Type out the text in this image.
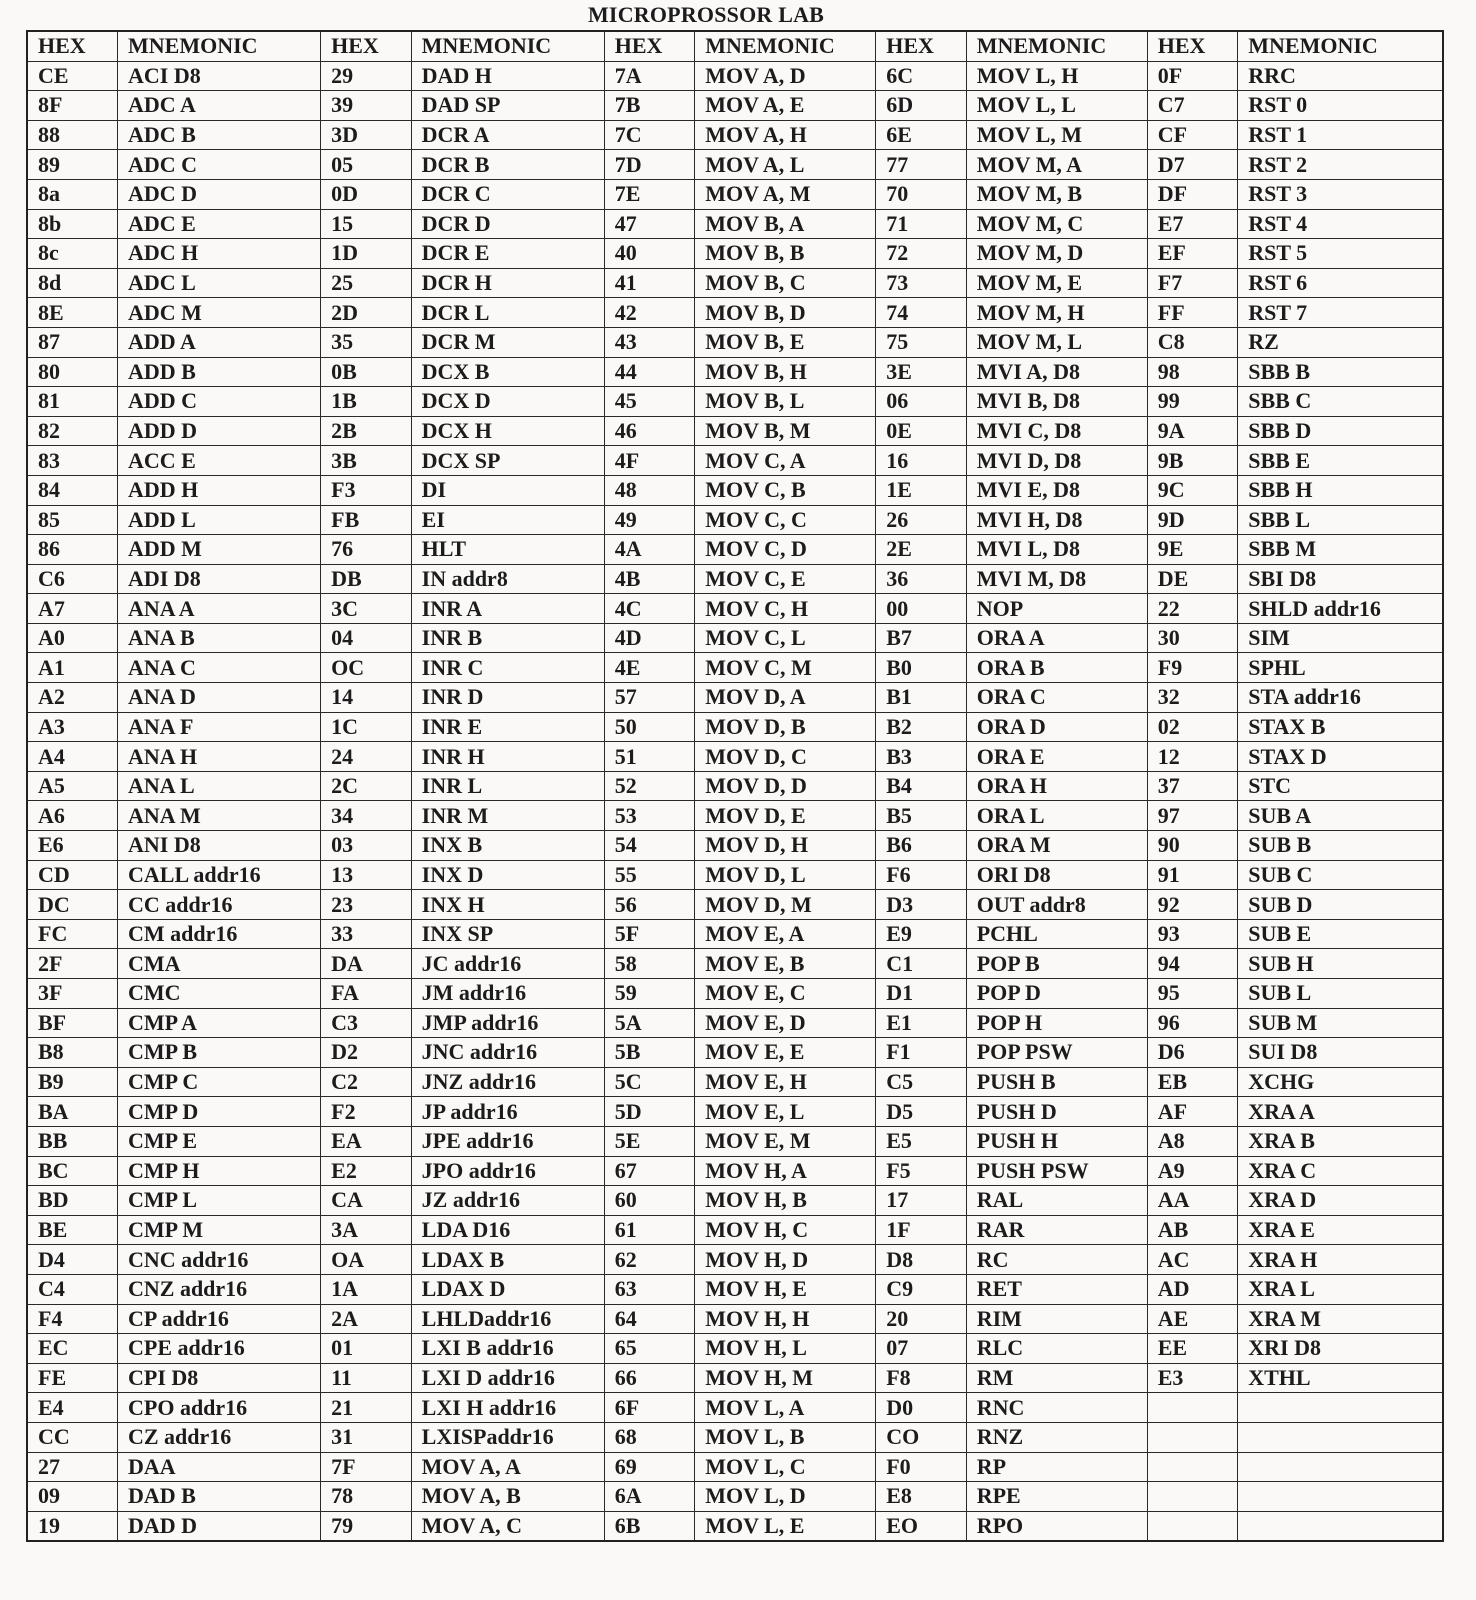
MICROPROSSOR LAB
HEX	MNEMONIC	HEX	MNEMONIC	HEX	MNEMONIC	HEX	MNEMONIC	HEX	MNEMONIC
CE	ACI D8	29	DAD H	7A	MOV A, D	6C	MOV L, H	0F	RRC
8F	ADC A	39	DAD SP	7B	MOV A, E	6D	MOV L, L	C7	RST 0
88	ADC B	3D	DCR A	7C	MOV A, H	6E	MOV L, M	CF	RST 1
89	ADC C	05	DCR B	7D	MOV A, L	77	MOV M, A	D7	RST 2
8a	ADC D	0D	DCR C	7E	MOV A, M	70	MOV M, B	DF	RST 3
8b	ADC E	15	DCR D	47	MOV B, A	71	MOV M, C	E7	RST 4
8c	ADC H	1D	DCR E	40	MOV B, B	72	MOV M, D	EF	RST 5
8d	ADC L	25	DCR H	41	MOV B, C	73	MOV M, E	F7	RST 6
8E	ADC M	2D	DCR L	42	MOV B, D	74	MOV M, H	FF	RST 7
87	ADD A	35	DCR M	43	MOV B, E	75	MOV M, L	C8	RZ
80	ADD B	0B	DCX B	44	MOV B, H	3E	MVI A, D8	98	SBB B
81	ADD C	1B	DCX D	45	MOV B, L	06	MVI B, D8	99	SBB C
82	ADD D	2B	DCX H	46	MOV B, M	0E	MVI C, D8	9A	SBB D
83	ACC E	3B	DCX SP	4F	MOV C, A	16	MVI D, D8	9B	SBB E
84	ADD H	F3	DI	48	MOV C, B	1E	MVI E, D8	9C	SBB H
85	ADD L	FB	EI	49	MOV C, C	26	MVI H, D8	9D	SBB L
86	ADD M	76	HLT	4A	MOV C, D	2E	MVI L, D8	9E	SBB M
C6	ADI D8	DB	IN addr8	4B	MOV C, E	36	MVI M, D8	DE	SBI D8
A7	ANA A	3C	INR A	4C	MOV C, H	00	NOP	22	SHLD addr16
A0	ANA B	04	INR B	4D	MOV C, L	B7	ORA A	30	SIM
A1	ANA C	OC	INR C	4E	MOV C, M	B0	ORA B	F9	SPHL
A2	ANA D	14	INR D	57	MOV D, A	B1	ORA C	32	STA addr16
A3	ANA F	1C	INR E	50	MOV D, B	B2	ORA D	02	STAX B
A4	ANA H	24	INR H	51	MOV D, C	B3	ORA E	12	STAX D
A5	ANA L	2C	INR L	52	MOV D, D	B4	ORA H	37	STC
A6	ANA M	34	INR M	53	MOV D, E	B5	ORA L	97	SUB A
E6	ANI D8	03	INX B	54	MOV D, H	B6	ORA M	90	SUB B
CD	CALL addr16	13	INX D	55	MOV D, L	F6	ORI D8	91	SUB C
DC	CC addr16	23	INX H	56	MOV D, M	D3	OUT addr8	92	SUB D
FC	CM addr16	33	INX SP	5F	MOV E, A	E9	PCHL	93	SUB E
2F	CMA	DA	JC addr16	58	MOV E, B	C1	POP B	94	SUB H
3F	CMC	FA	JM addr16	59	MOV E, C	D1	POP D	95	SUB L
BF	CMP A	C3	JMP addr16	5A	MOV E, D	E1	POP H	96	SUB M
B8	CMP B	D2	JNC addr16	5B	MOV E, E	F1	POP PSW	D6	SUI D8
B9	CMP C	C2	JNZ addr16	5C	MOV E, H	C5	PUSH B	EB	XCHG
BA	CMP D	F2	JP addr16	5D	MOV E, L	D5	PUSH D	AF	XRA A
BB	CMP E	EA	JPE addr16	5E	MOV E, M	E5	PUSH H	A8	XRA B
BC	CMP H	E2	JPO addr16	67	MOV H, A	F5	PUSH PSW	A9	XRA C
BD	CMP L	CA	JZ addr16	60	MOV H, B	17	RAL	AA	XRA D
BE	CMP M	3A	LDA D16	61	MOV H, C	1F	RAR	AB	XRA E
D4	CNC addr16	OA	LDAX B	62	MOV H, D	D8	RC	AC	XRA H
C4	CNZ addr16	1A	LDAX D	63	MOV H, E	C9	RET	AD	XRA L
F4	CP addr16	2A	LHLDaddr16	64	MOV H, H	20	RIM	AE	XRA M
EC	CPE addr16	01	LXI B addr16	65	MOV H, L	07	RLC	EE	XRI D8
FE	CPI D8	11	LXI D addr16	66	MOV H, M	F8	RM	E3	XTHL
E4	CPO addr16	21	LXI H addr16	6F	MOV L, A	D0	RNC		
CC	CZ addr16	31	LXISPaddr16	68	MOV L, B	CO	RNZ		
27	DAA	7F	MOV A, A	69	MOV L, C	F0	RP		
09	DAD B	78	MOV A, B	6A	MOV L, D	E8	RPE		
19	DAD D	79	MOV A, C	6B	MOV L, E	EO	RPO		
